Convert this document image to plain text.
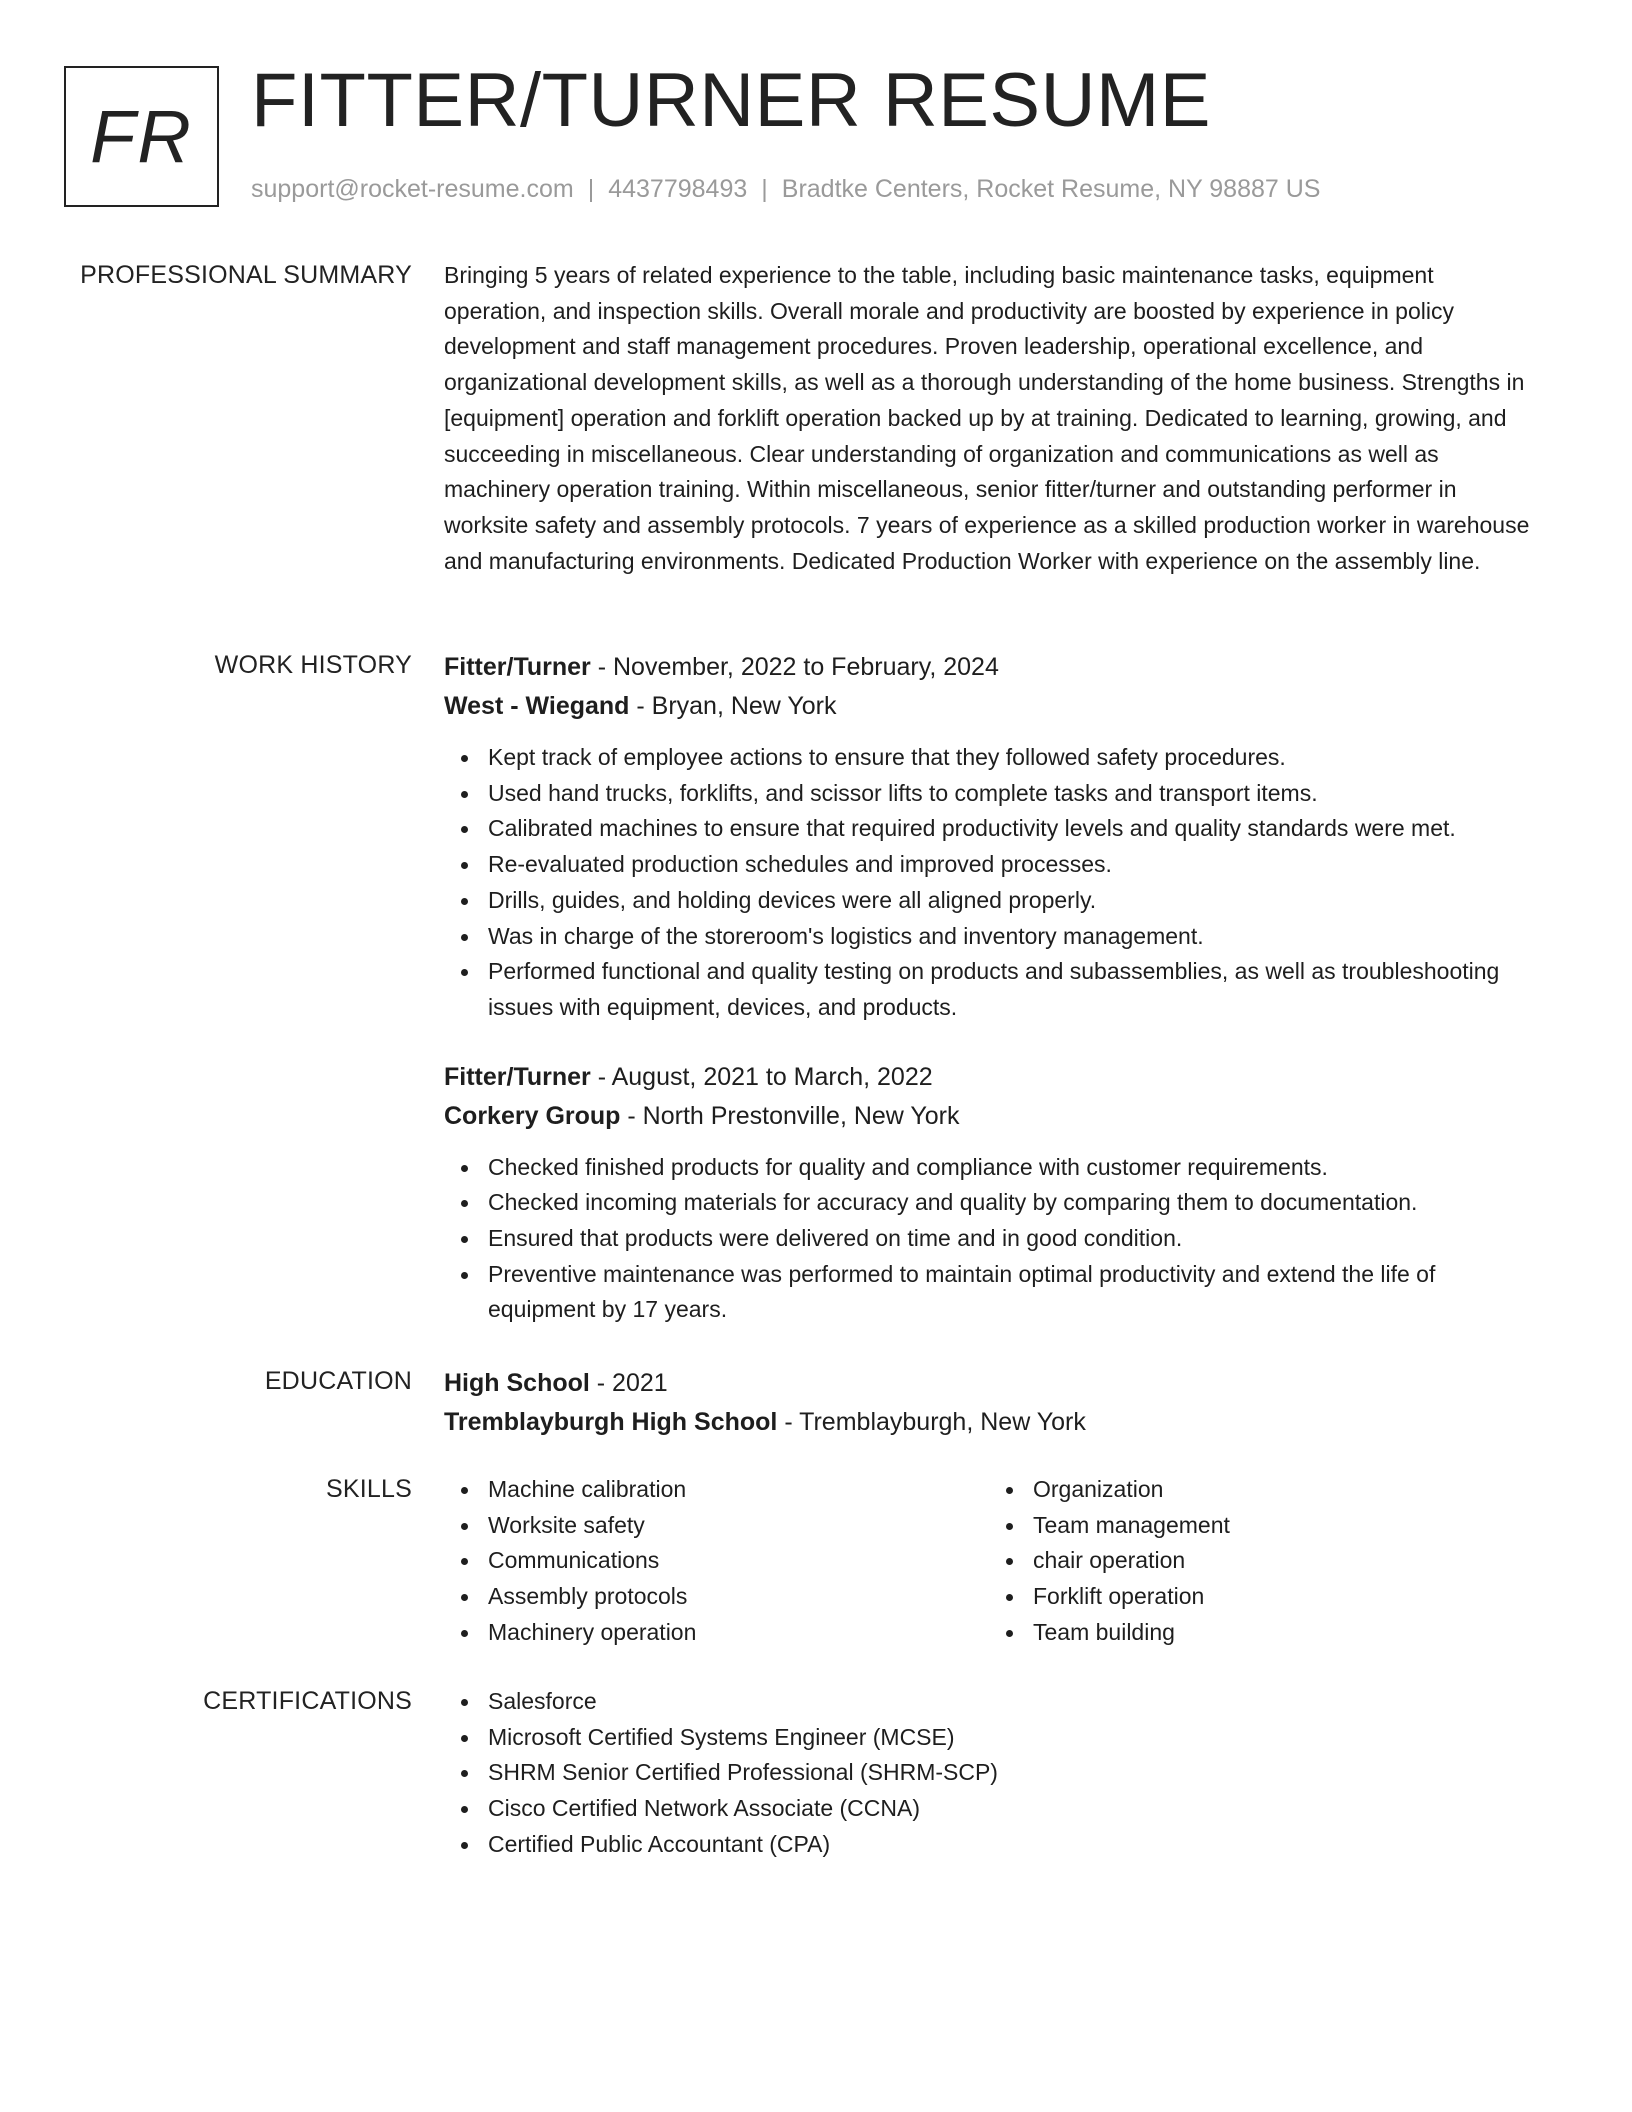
FR FITTER/TURNER RESUME
support@rocket-resume.com | 4437798493 | Bradtke Centers, Rocket Resume, NY 98887 US
PROFESSIONAL SUMMARY Bringing 5 years of related experience to the table, including basic maintenance tasks, equipment operation, and inspection skills. Overall morale and productivity are boosted by experience in policy development and staff management procedures. Proven leadership, operational excellence, and organizational development skills, as well as a thorough understanding of the home business. Strengths in [equipment] operation and forklift operation backed up by at training. Dedicated to learning, growing, and succeeding in miscellaneous. Clear understanding of organization and communications as well as machinery operation training. Within miscellaneous, senior fitter/turner and outstanding performer in worksite safety and assembly protocols. 7 years of experience as a skilled production worker in warehouse and manufacturing environments. Dedicated Production Worker with experience on the assembly line.

WORK HISTORY Fitter/Turner - November, 2022 to February, 2024
West - Wiegand - Bryan, New York
Kept track of employee actions to ensure that they followed safety procedures.
Used hand trucks, forklifts, and scissor lifts to complete tasks and transport items.
Calibrated machines to ensure that required productivity levels and quality standards were met.
Re-evaluated production schedules and improved processes.
Drills, guides, and holding devices were all aligned properly.
Was in charge of the storeroom's logistics and inventory management.
Performed functional and quality testing on products and subassemblies, as well as troubleshooting issues with equipment, devices, and products.
Fitter/Turner - August, 2021 to March, 2022
Corkery Group - North Prestonville, New York
Checked finished products for quality and compliance with customer requirements.
Checked incoming materials for accuracy and quality by comparing them to documentation.
Ensured that products were delivered on time and in good condition.
Preventive maintenance was performed to maintain optimal productivity and extend the life of equipment by 17 years.
EDUCATION High School - 2021
Tremblayburgh High School - Tremblayburgh, New York
SKILLS	Machine calibration
Worksite safety
Communications
Assembly protocols
Machinery operation
Organization
Team management
chair operation
Forklift operation
Team building
CERTIFICATIONS	Salesforce
Microsoft Certified Systems Engineer (MCSE)
SHRM Senior Certified Professional (SHRM-SCP)
Cisco Certified Network Associate (CCNA)
Certified Public Accountant (CPA)
